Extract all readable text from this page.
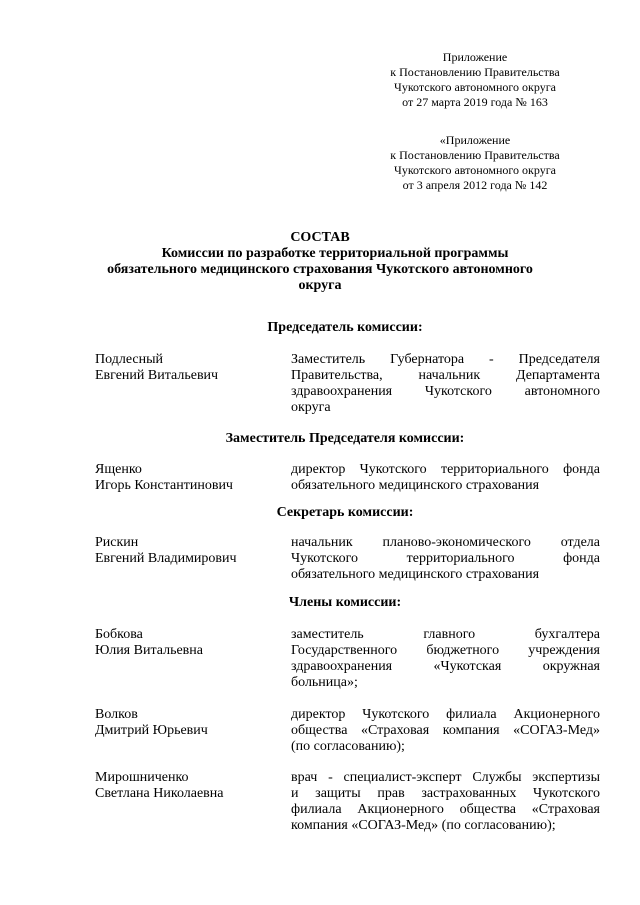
Приложение
к Постановлению Правительства
Чукотского автономного округа
от 27 марта 2019 года № 163
«Приложение
к Постановлению Правительства
Чукотского автономного округа
от 3 апреля 2012 года № 142
СОСТАВ
Комиссии по разработке территориальной программы
обязательного медицинского страхования Чукотского автономного
округа
Председатель комиссии:
Подлесный
Евгений Витальевич
Заместитель Губернатора - Председателя
Правительства, начальник Департамента
здравоохранения Чукотского автономного
округа
Заместитель Председателя комиссии:
Ященко
Игорь Константинович
директор Чукотского территориального фонда
обязательного медицинского страхования
Секретарь комиссии:
Рискин
Евгений Владимирович
начальник планово-экономического отдела
Чукотского территориального фонда
обязательного медицинского страхования
Члены комиссии:
Бобкова
Юлия Витальевна
заместитель главного бухгалтера
Государственного бюджетного учреждения
здравоохранения «Чукотская окружная
больница»;
Волков
Дмитрий Юрьевич
директор Чукотского филиала Акционерного
общества «Страховая компания «СОГАЗ-Мед»
(по согласованию);
Мирошниченко
Светлана Николаевна
врач - специалист-эксперт Службы экспертизы
и защиты прав застрахованных Чукотского
филиала Акционерного общества «Страховая
компания «СОГАЗ-Мед» (по согласованию);
